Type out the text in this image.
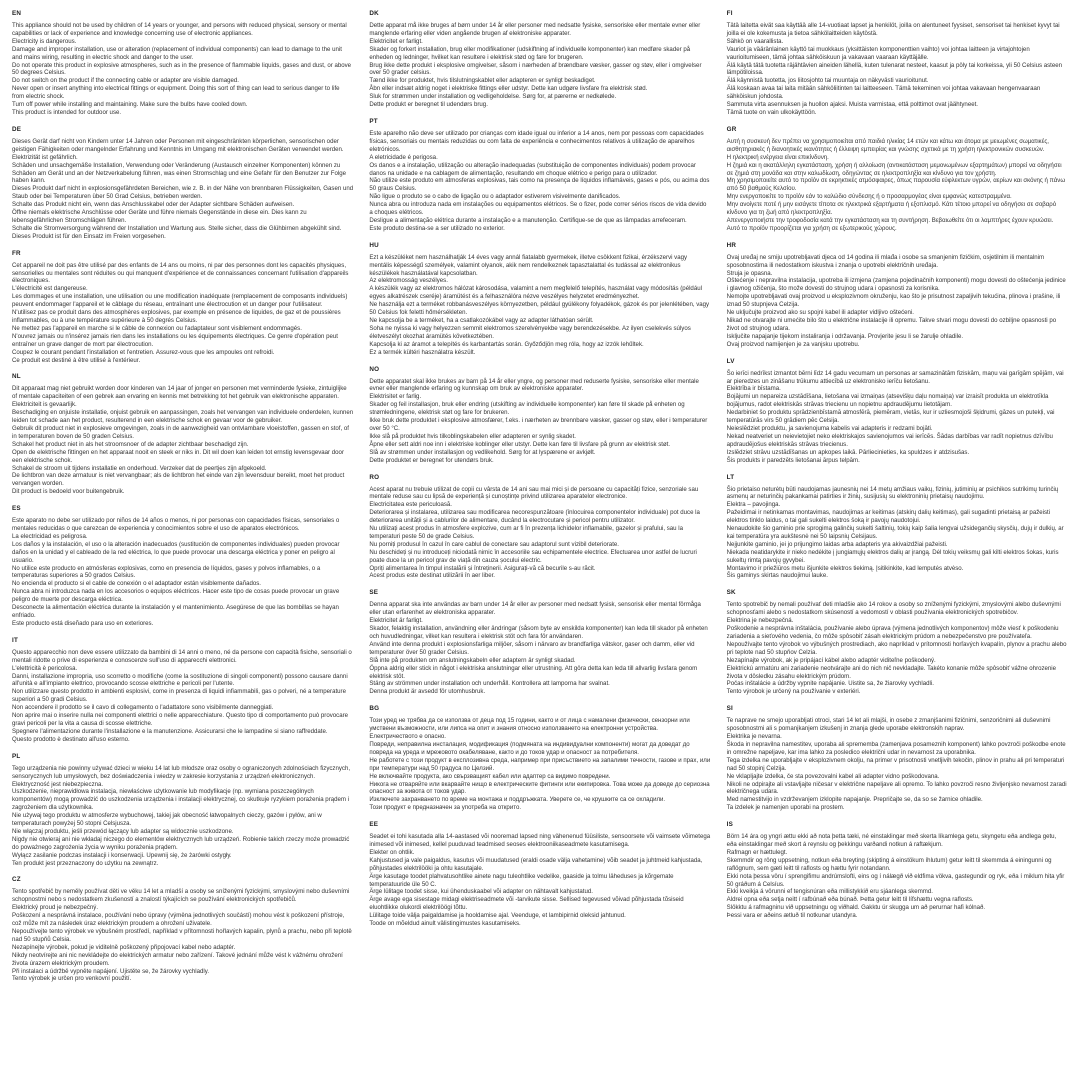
EN

This appliance should not be used by children of 14 years or younger, and persons with reduced physical, sensory or mental capabilities or lack of experience and knowledge concerning use of electronic appliances.
Electricity is dangerous.
Damage and improper installation, use or alteration (replacement of individual components) can lead to damage to the unit and mains wiring, resulting in electric shock and danger to the user.
Do not operate this product in explosive atmospheres, such as in the presence of flammable liquids, gases and dust, or above 50 degrees Celsius.
Do not switch on the product if the connecting cable or adapter are visible damaged.
Never open or insert anything into electrical fittings or equipment. Doing this sort of thing can lead to serious danger to life from electric shock.
Turn off power while installing and maintaining. Make sure the bulbs have cooled down.
This product is intended for outdoor use.

DE

Dieses Gerät darf nicht von Kindern unter 14 Jahren oder Personen mit eingeschränkten körperlichen, sensorischen oder geistigen Fähigkeiten oder mangelnder Erfahrung und Kenntnis im Umgang mit elektronischen Geräten verwendet werden.
Elektrizität ist gefährlich.
Schäden und unsachgemäße Installation, Verwendung oder Veränderung (Austausch einzelner Komponenten) können zu Schäden am Gerät und an der Netzverkabelung führen, was einen Stromschlag und eine Gefahr für den Benutzer zur Folge haben kann.
Dieses Produkt darf nicht in explosionsgefährdeten Bereichen, wie z. B. in der Nähe von brennbaren Flüssigkeiten, Gasen und Staub oder bei Temperaturen über 50 Grad Celsius, betrieben werden.
Schalte das Produkt nicht ein, wenn das Anschlusskabel oder der Adapter sichtbare Schäden aufweisen.
Öffne niemals elektrische Anschlüsse oder Geräte und führe niemals Gegenstände in diese ein. Dies kann zu lebensgefährlichen Stromschlägen führen.
Schalte die Stromversorgung während der Installation und Wartung aus. Stelle sicher, dass die Glühbirnen abgekühlt sind.
Dieses Produkt ist für den Einsatz im Freien vorgesehen.

FR

Cet appareil ne doit pas être utilisé par des enfants de 14 ans ou moins, ni par des personnes dont les capacités physiques, sensorielles ou mentales sont réduites ou qui manquent d'expérience et de connaissances concernant l'utilisation d'appareils électroniques.
L'électricité est dangereuse.
Les dommages et une installation, une utilisation ou une modification inadéquate (remplacement de composants individuels) peuvent endommager l'appareil et le câblage du réseau, entraînant une électrocution et un danger pour l'utilisateur.
N'utilisez pas ce produit dans des atmosphères explosives, par exemple en présence de liquides, de gaz et de poussières inflammables, ou à une température supérieure à 50 degrés Celsius.
Ne mettez pas l'appareil en marche si le câble de connexion ou l'adaptateur sont visiblement endommagés.
N'ouvrez jamais ou n'insérez jamais rien dans les installations ou les équipements électriques. Ce genre d'opération peut entraîner un grave danger de mort par électrocution.
Coupez le courant pendant l'installation et l'entretien. Assurez-vous que les ampoules ont refroidi.
Ce produit est destiné à être utilisé à l'extérieur.

NL

Dit apparaat mag niet gebruikt worden door kinderen van 14 jaar of jonger en personen met verminderde fysieke, zintuiglijke of mentale capaciteiten of een gebrek aan ervaring en kennis met betrekking tot het gebruik van elektronische apparaten.
Elektriciteit is gevaarlijk.
Beschadiging en onjuiste installatie, onjuist gebruik en aanpassingen, zoals het vervangen van individuele onderdelen, kunnen leiden tot schade aan het product, resulterend in een elektrische schok en gevaar voor de gebruiker.
Gebruik dit product niet in explosieve omgevingen, zoals in de aanwezigheid van ontvlambare vloeistoffen, gassen en stof, of in temperaturen boven de 50 graden Celsius.
Schakel het product niet in als het stroomsnoer of de adapter zichtbaar beschadigd zijn.
Open de elektrische fittingen en het apparaat nooit en steek er niks in. Dit wil doen kan leiden tot ernstig levensgevaar door een elektrische schok.
Schakel de stroom uit tijdens installatie en onderhoud. Verzeker dat de peertjes zijn afgekoeld.
De lichtbron van deze armatuur is niet vervangbaar; als de lichtbron het einde van zijn levensduur bereikt, moet het product vervangen worden.
Dit product is bedoeld voor buitengebruik.

ES

Este aparato no debe ser utilizado por niños de 14 años o menos, ni por personas con capacidades físicas, sensoriales o mentales reducidas o que carezcan de experiencia y conocimientos sobre el uso de aparatos electrónicos.
La electricidad es peligrosa.
Los daños y la instalación, el uso o la alteración inadecuados (sustitución de componentes individuales) pueden provocar daños en la unidad y el cableado de la red eléctrica, lo que puede provocar una descarga eléctrica y poner en peligro al usuario.
No utilice este producto en atmósferas explosivas, como en presencia de líquidos, gases y polvos inflamables, o a temperaturas superiores a 50 grados Celsius.
No encienda el producto si el cable de conexión o el adaptador están visiblemente dañados.
Nunca abra ni introduzca nada en los accesorios o equipos eléctricos. Hacer este tipo de cosas puede provocar un grave peligro de muerte por descarga eléctrica.
Desconecte la alimentación eléctrica durante la instalación y el mantenimiento. Asegúrese de que las bombillas se hayan enfriado.
Este producto está diseñado para uso en exteriores.

IT

Questo apparecchio non deve essere utilizzato da bambini di 14 anni o meno, né da persone con capacità fisiche, sensoriali o mentali ridotte o prive di esperienza e conoscenze sull'uso di apparecchi elettronici.
L'elettricità è pericolosa.
Danni, installazione impropria, uso scorretto o modifiche (come la sostituzione di singoli componenti) possono causare danni all'unità e all'impianto elettrico, provocando scosse elettriche e pericoli per l'utente.
Non utilizzare questo prodotto in ambienti esplosivi, come in presenza di liquidi infiammabili, gas o polveri, né a temperature superiori a 50 gradi Celsius.
Non accendere il prodotto se il cavo di collegamento o l'adattatore sono visibilmente danneggiati.
Non aprire mai o inserire nulla nei componenti elettrici o nelle apparecchiature. Questo tipo di comportamento può provocare gravi pericoli per la vita a causa di scosse elettriche.
Spegnere l'alimentazione durante l'installazione e la manutenzione. Assicurarsi che le lampadine si siano raffreddate.
Questo prodotto è destinato all'uso esterno.

PL

Tego urządzenia nie powinny używać dzieci w wieku 14 lat lub młodsze oraz osoby o ograniczonych zdolnościach fizycznych, sensorycznych lub umysłowych, bez doświadczenia i wiedzy w zakresie korzystania z urządzeń elektronicznych.
Elektryczność jest niebezpieczna.
Uszkodzenie, nieprawidłowa instalacja, niewłaściwe użytkowanie lub modyfikacje (np. wymiana poszczególnych komponentów) mogą prowadzić do uszkodzenia urządzenia i instalacji elektrycznej, co skutkuje ryzykiem porażenia prądem i zagrożeniem dla użytkownika.
Nie używaj tego produktu w atmosferze wybuchowej, takiej jak obecność łatwopalnych cieczy, gazów i pyłów, ani w temperaturach powyżej 50 stopni Celsjusza.
Nie włączaj produktu, jeśli przewód łączący lub adapter są widocznie uszkodzone.
Nigdy nie otwieraj ani nie wkładaj niczego do elementów elektrycznych lub urządzeń. Robienie takich rzeczy może prowadzić do poważnego zagrożenia życia w wyniku porażenia prądem.
Wyłącz zasilanie podczas instalacji i konserwacji. Upewnij się, że żarówki ostygły.
Ten produkt jest przeznaczony do użytku na zewnątrz.

CZ

Tento spotřebič by neměly používat děti ve věku 14 let a mladší a osoby se sníženými fyzickými, smyslovými nebo duševními schopnostmi nebo s nedostatkem zkušeností a znalostí týkajících se používání elektronických spotřebičů.
Elektrický proud je nebezpečný.
Poškození a nesprávná instalace, používání nebo úpravy (výměna jednotlivých součástí) mohou vést k poškození přístroje, což může mít za následek úraz elektrickým proudem a ohrožení uživatele.
Nepoužívejte tento výrobek ve výbušném prostředí, například v přítomnosti hořlavých kapalin, plynů a prachu, nebo při teplotě nad 50 stupňů Celsia.
Nezapínejte výrobek, pokud je viditelně poškozený připojovací kabel nebo adaptér.
Nikdy neotvírejte ani nic nevkládejte do elektrických armatur nebo zařízení. Takové jednání může vést k vážnému ohrožení života úrazem elektrickým proudem.
Při instalaci a údržbě vypněte napájení. Ujistěte se, že žárovky vychladly.
Tento výrobek je určen pro venkovní použití.

DK

Dette apparat må ikke bruges af børn under 14 år eller personer med nedsatte fysiske, sensoriske eller mentale evner eller manglende erfaring eller viden angående brugen af elektroniske apparater.
Elektricitet er farligt.
Skader og forkert installation, brug eller modifikationer (udskiftning af individuelle komponenter) kan medføre skader på enheden og ledninger, hvilket kan resultere i elektrisk stød og fare for brugeren.
Brug ikke dette produkt i eksplosive omgivelser, såsom i nærheden af brændbare væsker, gasser og støv, eller i omgivelser over 50 grader celsius.
Tænd ikke for produktet, hvis tilslutningskablet eller adapteren er synligt beskadiget.
Åbn eller indsæt aldrig noget i elektriske fittings eller udstyr. Dette kan udgøre livsfare fra elektrisk stød.
Sluk for strømmen under installation og vedligeholdelse. Sørg for, at pærerne er nedkølede.
Dette produkt er beregnet til udendørs brug.

PT

Este aparelho não deve ser utilizado por crianças com idade igual ou inferior a 14 anos, nem por pessoas com capacidades físicas, sensoriais ou mentais reduzidas ou com falta de experiência e conhecimentos relativos à utilização de aparelhos eletrónicos.
A eletricidade é perigosa.
Os danos e a instalação, utilização ou alteração inadequadas (substituição de componentes individuais) podem provocar danos na unidade e na cablagem de alimentação, resultando em choque elétrico e perigo para o utilizador.
Não utilize este produto em atmosferas explosivas, tais como na presença de líquidos inflamáveis, gases e pós, ou acima dos 50 graus Celsius.
Não ligue o produto se o cabo de ligação ou o adaptador estiverem visivelmente danificados.
Nunca abra ou introduza nada em instalações ou equipamentos elétricos. Se o fizer, pode correr sérios riscos de vida devido a choques elétricos.
Desligue a alimentação elétrica durante a instalação e a manutenção. Certifique-se de que as lâmpadas arrefeceram.
Este produto destina-se a ser utilizado no exterior.

HU

Ezt a készüléket nem használhatják 14 éves vagy annál fiatalabb gyermekek, illetve csökkent fizikai, érzékszervi vagy mentális képességű személyek, valamint olyanok, akik nem rendelkeznek tapasztalattal és tudással az elektronikus készülékek használatával kapcsolatban.
Az elektromosság veszélyes.
A készülék vagy az elektromos hálózat károsodása, valamint a nem megfelelő telepítés, használat vagy módosítás (például egyes alkatrészek cseréje) áramütést és a felhasználóra nézve veszélyes helyzetet eredményezhet.
Ne használja ezt a terméket robbanásveszélyes környezetben, például gyúlékony folyadékok, gázok és por jelenlétében, vagy 50 Celsius fok feletti hőmérsékleten.
Ne kapcsolja be a terméket, ha a csatlakozókábel vagy az adapter láthatóan sérült.
Soha ne nyissa ki vagy helyezzen semmit elektromos szerelvényekbe vagy berendezésekbe. Az ilyen cselekvés súlyos életveszélyt okozhat áramütés következtében.
Kapcsolja ki az áramot a telepítés és karbantartás során. Győződjön meg róla, hogy az izzók lehűltek.
Ez a termék kültéri használatra készült.

NO

Dette apparatet skal ikke brukes av barn på 14 år eller yngre, og personer med reduserte fysiske, sensoriske eller mentale evner eller manglende erfaring og kunnskap om bruk av elektroniske apparater.
Elektrisitet er farlig.
Skader og feil installasjon, bruk eller endring (utskifting av individuelle komponenter) kan føre til skade på enheten og strømledningene, elektrisk støt og fare for brukeren.
Ikke bruk dette produktet i eksplosive atmosfærer, f.eks. i nærheten av brennbare væsker, gasser og støv, eller i temperaturer over 50 °C.
Ikke slå på produktet hvis tilkoblingskabelen eller adapteren er synlig skadet.
Åpne eller sett aldri noe inn i elektriske koblinger eller utstyr. Dette kan føre til livsfare på grunn av elektrisk støt.
Slå av strømmen under installasjon og vedlikehold. Sørg for at lyspærene er avkjølt.
Dette produktet er beregnet for utendørs bruk.

RO

Acest aparat nu trebuie utilizat de copii cu vârsta de 14 ani sau mai mici și de persoane cu capacități fizice, senzoriale sau mentale reduse sau cu lipsă de experiență și cunoștințe privind utilizarea aparatelor electronice.
Electricitatea este periculoasă.
Deteriorarea și instalarea, utilizarea sau modificarea necorespunzătoare (înlocuirea componentelor individuale) pot duce la deteriorarea unității și a cablurilor de alimentare, ducând la electrocutare și pericol pentru utilizator.
Nu utilizați acest produs în atmosfere explozive, cum ar fi în prezența lichidelor inflamabile, gazelor și prafului, sau la temperaturi peste 50 de grade Celsius.
Nu porniți produsul în cazul în care cablul de conectare sau adaptorul sunt vizibil deteriorate.
Nu deschideți și nu introduceți niciodată nimic în accesoriile sau echipamentele electrice. Efectuarea unor astfel de lucruri poate duce la un pericol grav de viață din cauza șocului electric.
Opriți alimentarea în timpul instalării și întreținerii. Asigurați-vă că becurile s-au răcit.
Acest produs este destinat utilizării în aer liber.

SE

Denna apparat ska inte användas av barn under 14 år eller av personer med nedsatt fysisk, sensorisk eller mental förmåga eller utan erfarenhet av elektroniska apparater.
Elektricitet är farligt.
Skador, felaktig installation, användning eller ändringar (såsom byte av enskilda komponenter) kan leda till skador på enheten och huvudledningar, vilket kan resultera i elektrisk stöt och fara för användaren.
Använd inte denna produkt i explosionsfarliga miljöer, såsom i närvaro av brandfarliga vätskor, gaser och damm, eller vid temperaturer över 50 grader Celsius.
Slå inte på produkten om anslutningskabeln eller adaptern är synligt skadad.
Öppna aldrig eller stick in något i elektriska anslutningar eller utrustning. Att göra detta kan leda till allvarlig livsfara genom elektrisk stöt.
Stäng av strömmen under installation och underhåll. Kontrollera att lamporna har svalnat.
Denna produkt är avsedd för utomhusbruk.

BG

Този уред не трябва да се използва от деца под 15 години, както и от лица с намалени физически, сензорни или умствени възможности, или липса на опит и знания относно използването на електронни устройства.
Електричеството е опасно.
Повреди, неправилна инсталация, модификация (подмяната на индивидуални компоненти) могат да доведат до повреда на уреда и мрежовото окабеляване, както и до токов удар и опасност за потребителя.
Не работете с този продукт в експлозивна среда, например при присъствието на запалими течности, газове и прах, или при температури над 50 градуса по Целзий.
Не включвайте продукта, ако свързващият кабел или адаптер са видимо повредени.
Никога не отваряйте или вкарвайте нищо в електрическите фитинги или екипировка. Това може да доведе до сериозна опасност за живота от токов удар.
Изключете захранването по време на монтажа и поддръжката. Уверете се, че крушките са се охладили.
Този продукт е предназначен за употреба на открито.

EE

Seadet ei tohi kasutada alla 14-aastased või nooremad lapsed ning vähenenud füüsiliste, sensoorsete või vaimsete võimetega inimesed või inimesed, kellel puuduvad teadmised seoses elektrooniikaseadmete kasutamisega.
Elekter on ohtlik.
Kahjustused ja vale paigaldus, kasutus või muudatused (eraldi osade välja vahetamine) võib seadet ja juhtmeid kahjustada, põhjustades elektrilööki ja ohtu kasutajale.
Ärge kasutage toodet plahvatusohtlike ainete nagu tuleohtlike vedelike, gaaside ja tolmu läheduses ja kõrgemate temperatuuride üle 50 C.
Ärge lülitage toodet sisse, kui ühenduskaabel või adapter on nähtavalt kahjustatud.
Ärge avage ega sisestage midagi elektriseadmete või -tarvikute sisse. Sellised tegevused võivad põhjustada tõsiseid eluohtlikke olukordi elektrilöögi tõttu.
Lülitage toide välja paigaldamise ja hooldamise ajal. Veenduge, et lambipirnid oleksid jahtunud.
Toode on mõeldud ainult välistingimustes kasutamiseks.

FI

Tätä laitetta eivät saa käyttää alle 14-vuotiaat lapset ja henkilöt, joilla on alentuneet fyysiset, sensoriset tai henkiset kyvyt tai joilla ei ole kokemusta ja tietoa sähkölaitteiden käytöstä.
Sähkö on vaarallista.
Vauriot ja vääränlainen käyttö tai muokkaus (yksittäisten komponenttien vaihto) voi johtaa laitteen ja virtajohtojen vaurioitumiseen, tämä johtaa sähköiskuun ja vakavaan vaaraan käyttäjälle.
Älä käytä tätä tuotetta räjähtävien aineiden lähellä, kuten tulenarat nesteet, kaasut ja pöly tai korkeissa, yli 50 Celsius asteen lämpötiloissa.
Älä käynnistä tuotetta, jos liitosjohto tai muuntaja on näkyvästi vaurioitunut.
Älä koskaan avaa tai laita mitään sähköliitinten tai laitteeseen. Tämä tekeminen voi johtaa vakavaan hengenvaaraan sähköiskun johdosta.
Sammuta virta asennuksen ja huollon ajaksi. Muista varmistaa, että polttimot ovat jäähtyneet.
Tämä tuote on vain ulkokäyttöön.

GR

Αυτή η συσκευή δεν πρέπει να χρησιμοποιείται από παιδιά ηλικίας 14 ετών και κάτω και άτομα με μειωμένες σωματικές, αισθητηριακές ή διανοητικές ικανότητες ή έλλειψη εμπειρίας και γνώσης σχετικά με τη χρήση ηλεκτρονικών συσκευών.
Η ηλεκτρική ενέργεια είναι επικίνδυνη.
Η ζημιά και η ακατάλληλη εγκατάσταση, χρήση ή αλλοίωση (αντικατάσταση μεμονωμένων εξαρτημάτων) μπορεί να οδηγήσει σε ζημιά στη μονάδα και στην καλωδίωση, οδηγώντας σε ηλεκτροπληξία και κίνδυνο για τον χρήστη.
Μη χρησιμοποιείτε αυτό το προϊόν σε εκρηκτικές ατμόσφαιρες, όπως παρουσία εύφλεκτων υγρών, αερίων και σκόνης ή πάνω από 50 βαθμούς Κελσίου.
Μην ενεργοποιείτε το προϊόν εάν το καλώδιο σύνδεσης ή ο προσαρμογέας είναι εμφανώς κατεστραμμένα.
Μην ανοίγετε ποτέ ή μην εισάγετε τίποτα σε ηλεκτρικά εξαρτήματα ή εξοπλισμό. Κάτι τέτοιο μπορεί να οδηγήσει σε σοβαρό κίνδυνο για τη ζωή από ηλεκτροπληξία.
Απενεργοποιήστε την τροφοδοσία κατά την εγκατάσταση και τη συντήρηση. Βεβαιωθείτε ότι οι λαμπτήρες έχουν κρυώσει.
Αυτό το προϊόν προορίζεται για χρήση σε εξωτερικούς χώρους.

HR

Ovaj uređaj ne smiju upotrebljavati djeca od 14 godina ili mlađa i osobe sa smanjenim fizičkim, osjetilnim ili mentalnim sposobnostima ili nedostatkom iskustva i znanja o upotrebi električnih uređaja.
Struja je opasna.
Oštećenje i nepravilna instalacija, upotreba ili izmjena (zamjena pojedinačnih komponenti) mogu dovesti do oštećenja jedinice i glavnog ožičenja, što može dovesti do strujnog udara i opasnosti za korisnika.
Nemojte upotrebljavati ovaj proizvod u eksplozivnom okruženju, kao što je prisutnost zapaljivih tekućina, plinova i prašine, ili iznad 50 stupnjeva Celzija.
Ne uključujte proizvod ako su spojni kabel ili adapter vidljivo oštećeni.
Nikad ne otvarajte ni umećite bilo što u električne instalacije ili opremu. Takve stvari mogu dovesti do ozbiljne opasnosti po život od strujnog udara.
Isključite napajanje tijekom instaliranja i održavanja. Provjerite jesu li se žarulje ohladile.
Ovaj proizvod namijenjen je za vanjsku upotrebu.

LV

Šo ierīci nedrīkst izmantot bērni līdz 14 gadu vecumam un personas ar samazinātām fiziskām, maņu vai garīgām spējām, vai ar pieredzes un zināšanu trūkumu attiecībā uz elektronisko ierīču lietošanu.
Elektrība ir bīstama.
Bojājumi un nepareiza uzstādīšana, lietošana vai izmaiņas (atsevišķu daļu nomaiņa) var izraisīt produkta un elektrotīkla bojājumus, radot elektriskās strāvas triecienu un nopietnu apdraudējumu lietotājam.
Nedarbiniet šo produktu sprādzienbīstamā atmosfērā, piemēram, vietās, kur ir uzliesmojoši šķidrumi, gāzes un putekļi, vai temperatūrās virs 50 grādiem pēc Celsija.
Neieslēdziet produktu, ja savienojuma kabelis vai adapteris ir redzami bojāti.
Nekad neatveriet un neievietojiet neko elektriskajos savienojumos vai ierīcēs. Šādas darbības var radīt nopietnus dzīvību apdraudējošus elektriskās strāvas triecienus.
Izslēdziet strāvu uzstādīšanas un apkopes laikā. Pārliecinieties, ka spuldzes ir atdzisušas.
Šis produkts ir paredzēts lietošanai ārpus telpām.

LT

Šio prietaiso neturėtų būti naudojamas jaunesnių nei 14 metų amžiaus vaikų, fizinių, jutiminių ar psichikos sutrikimų turinčių asmenų ar neturinčių pakankamai patirties ir žinių, susijusių su elektroninių prietaisų naudojimu.
Elektra – pavojinga.
Pažeidimai ir netinkamas montavimas, naudojimas ar keitimas (atskirų dalių keitimas), gali sugadinti prietaisą ar pažeisti elektros tinklo laidus, o tai gali sukelti elektros šoką ir pavojų naudotojui.
Nenaudokite šio gaminio prie sprogimą galinčių sukelti šaltinių, tokių kaip šalia lengvai užsidegančių skysčių, dujų ir dulkių, ar kai temperatūra yra aukštesnė nei 50 laipsnių Celsijaus.
Neįjunkite gaminio, jei jo prijungimo laidas arba adapteris yra akivaizdžiai pažeisti.
Niekada neatidarykite ir nieko nedėkite į jungiamųjų elektros dalių ar įrangą. Dėl tokių veiksmų gali kilti elektros šokas, kuris sukeltų rimtą pavojų gyvybei.
Montavimo ir priežiūros metu išjunkite elektros tiekimą. Įsitikinkite, kad lemputės atvėso.
Šis gaminys skirtas naudojimui lauke.

SK

Tento spotrebič by nemali používať deti mladšie ako 14 rokov a osoby so zníženými fyzickými, zmyslovými alebo duševnými schopnosťami alebo s nedostatkom skúseností a vedomostí v oblasti používania elektronických spotrebičov.
Elektrina je nebezpečná.
Poškodenie a nesprávna inštalácia, používanie alebo úprava (výmena jednotlivých komponentov) môže viesť k poškodeniu zariadenia a sieťového vedenia, čo môže spôsobiť zásah elektrickým prúdom a nebezpečenstvo pre používateľa.
Nepoužívajte tento výrobok vo výbušných prostrediach, ako napríklad v prítomnosti horľavých kvapalín, plynov a prachu alebo pri teplote nad 50 stupňov Celzia.
Nezapínajte výrobok, ak je pripájací kábel alebo adaptér viditeľne poškodený.
Elektrickú armatúru ani zariadenie neotvárajte ani do nich nič nevkladajte. Takéto konanie môže spôsobiť vážne ohrozenie života v dôsledku zásahu elektrickým prúdom.
Počas inštalácie a údržby vypnite napájanie. Uistite sa, že žiarovky vychladli.
Tento výrobok je určený na používanie v exteriéri.

SI

Te naprave ne smejo uporabljati otroci, stari 14 let ali mlajši, in osebe z zmanjšanimi fizičnimi, senzoričnimi ali duševnimi sposobnostmi ali s pomanjkanjem izkušenj in znanja glede uporabe elektronskih naprav.
Elektrika je nevarna.
Škoda in nepravilna namestitev, uporaba ali sprememba (zamenjava posameznih komponent) lahko povzroči poškodbe enote in omrežne napeljave, kar ima lahko za posledico električni udar in nevarnost za uporabnika.
Tega izdelka ne uporabljajte v eksplozivnem okolju, na primer v prisotnosti vnetljivih tekočin, plinov in prahu ali pri temperaturi nad 50 stopinj Celzija.
Ne vklapljajte izdelka, če sta povezovalni kabel ali adapter vidno poškodovana.
Nikoli ne odpirajte ali vstavljajte ničesar v električne napeljave ali opremo. To lahko povzroči resno življenjsko nevarnost zaradi električnega udara.
Med namestitvijo in vzdrževanjem izklopite napajanje. Prepričajte se, da so se žarnice ohladile.
Ta izdelek je namenjen uporabi na prostem.

IS

Börn 14 ára og yngri ættu ekki að nota þetta tæki, né einstaklingar með skerta líkamlega getu, skyngetu eða andlega getu, eða einstaklingar með skort á reynslu og þekkingu varðandi notkun á raftækjum.
Rafmagn er hættulegt.
Skemmdir og röng uppsetning, notkun eða breyting (skipting á einstökum íhlutum) getur leitt til skemmda á einingunni og raflögnum, sem gæti leitt til raflosts og hættu fyrir notandann.
Ekki nota þessa vöru í sprengifimu andrúmslofti, eins og í nálægð við eldfima vökva, gastegundir og ryk, eða í miklum hita yfir 50 gráðum á Celsíus.
Ekki kveikja á vörunni ef tengisnúran eða millistykkið eru sjáanlega skemmd.
Aldrei opna eða setja neitt í rafbúnað eða búnað. Þetta getur leitt til lífshættu vegna raflosts.
Slökktu á rafmagninu við uppsetningu og viðhald. Gakktu úr skugga um að perurnar hafi kólnað.
Þessi vara er aðeins ætluð til notkunar utandyra.
